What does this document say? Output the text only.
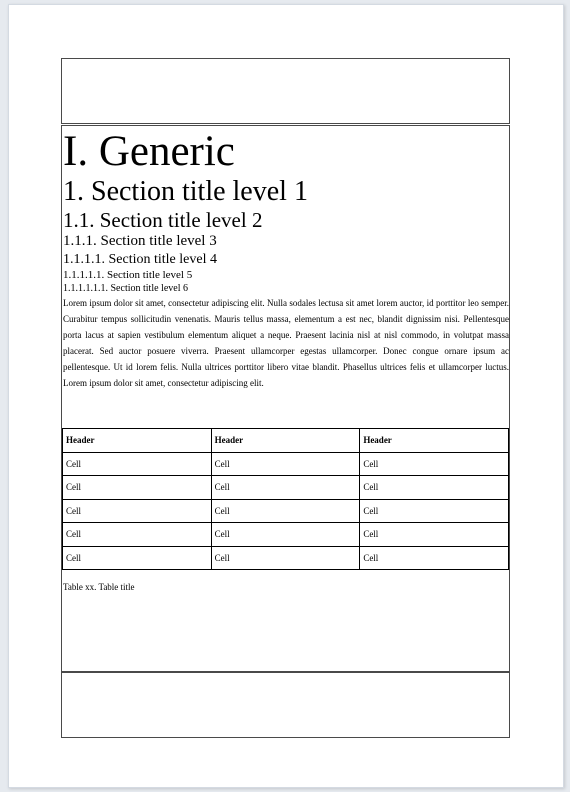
I. Generic
1. Section title level 1
1.1. Section title level 2
1.1.1. Section title level 3
1.1.1.1. Section title level 4
1.1.1.1.1. Section title level 5
1.1.1.1.1.1. Section title level 6

Lorem ipsum dolor sit amet, consectetur adipiscing elit. Nulla sodales lectusa sit amet lorem auctor, id porttitor leo semper. Curabitur tempus sollicitudin venenatis. Mauris tellus massa, elementum a est nec, blandit dignissim nisi. Pellentesque porta lacus at sapien vestibulum elementum aliquet a neque. Praesent lacinia nisl at nisl commodo, in volutpat massa placerat. Sed auctor posuere viverra. Praesent ullamcorper egestas ullamcorper. Donec congue ornare ipsum ac pellentesque. Ut id lorem felis. Nulla ultrices porttitor libero vitae blandit. Phasellus ultrices felis et ullamcorper luctus. Lorem ipsum dolor sit amet, consectetur adipiscing elit.

Header	Header	Header
Cell	Cell	Cell
Cell	Cell	Cell
Cell	Cell	Cell
Cell	Cell	Cell
Cell	Cell	Cell
Table xx. Table title
